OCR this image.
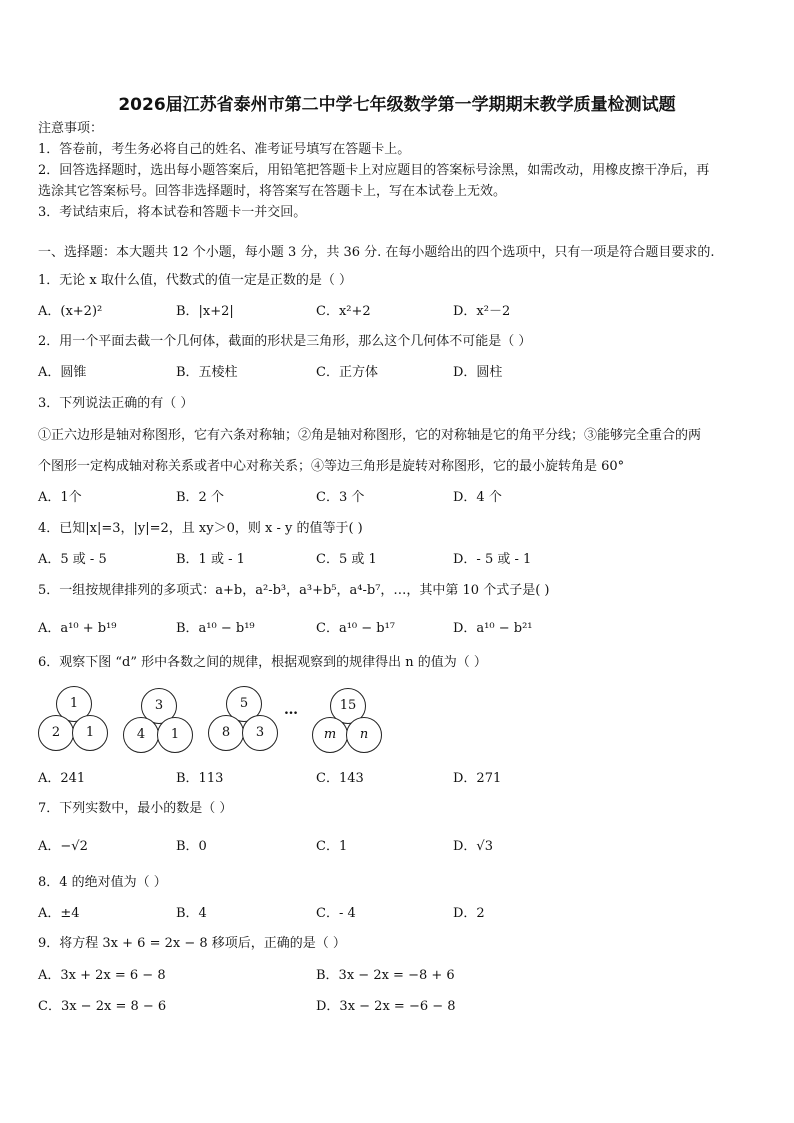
2026届江苏省泰州市第二中学七年级数学第一学期期末教学质量检测试题
注意事项：
1．答卷前，考生务必将自己的姓名、准考证号填写在答题卡上。
2．回答选择题时，选出每小题答案后，用铅笔把答题卡上对应题目的答案标号涂黑，如需改动，用橡皮擦干净后，再
选涂其它答案标号。回答非选择题时，将答案写在答题卡上，写在本试卷上无效。
3．考试结束后，将本试卷和答题卡一并交回。
一、选择题：本大题共 12 个小题，每小题 3 分，共 36 分. 在每小题给出的四个选项中，只有一项是符合题目要求的.
1．无论 x 取什么值，代数式的值一定是正数的是（ ）
A．(x+2)²	B．|x+2|	C．x²+2	D．x²－2
2．用一个平面去截一个几何体，截面的形状是三角形，那么这个几何体不可能是（ ）
A．圆锥	B．五棱柱	C．正方体	D．圆柱
3．下列说法正确的有（ ）
①正六边形是轴对称图形，它有六条对称轴；②角是轴对称图形，它的对称轴是它的角平分线；③能够完全重合的两
个图形一定构成轴对称关系或者中心对称关系；④等边三角形是旋转对称图形，它的最小旋转角是 60°
A．1个	B．2 个	C．3 个	D．4 个
4．已知|x|=3，|y|=2，且 xy＞0，则 x - y 的值等于( )
A．5 或 - 5	B．1 或 - 1	C．5 或 1	D．- 5 或 - 1
5．一组按规律排列的多项式：a+b，a²-b³，a³+b⁵，a⁴-b⁷，…，其中第 10 个式子是( )
A．a¹⁰ + b¹⁹	B．a¹⁰ − b¹⁹	C．a¹⁰ − b¹⁷	D．a¹⁰ − b²¹
6．观察下图 “d” 形中各数之间的规律，根据观察到的规律得出 n 的值为（ ）
1
2	1
3
4	1
5
8	3
…	15
m	n
A．241	B．113	C．143	D．271
7．下列实数中，最小的数是（ ）
A．−√2	B．0	C．1	D．√3
8．4 的绝对值为（ ）
A．±4	B．4	C．- 4	D．2
9．将方程 3x + 6 = 2x − 8 移项后，正确的是（ ）
A．3x + 2x = 6 − 8	B．3x − 2x = −8 + 6
C．3x − 2x = 8 − 6	D．3x − 2x = −6 − 8
